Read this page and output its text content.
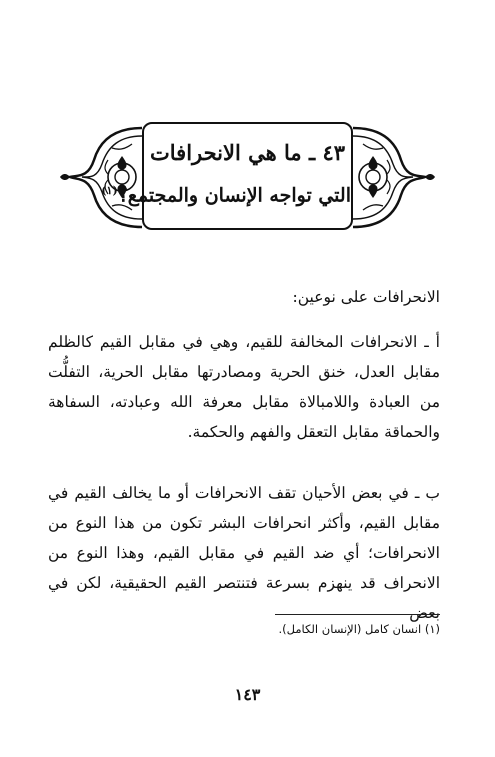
٤٣ ـ ما هي الانحرافات
التي تواجه الإنسان والمجتمع؟$^{(١)}$
الانحرافات على نوعين:
أ ـ الانحرافات المخالفة للقيم، وهي في مقابل القيم كالظلم مقابل العدل، خنق الحرية ومصادرتها مقابل الحرية، التفلُّت من العبادة واللامبالاة مقابل معرفة الله وعبادته، السفاهة والحماقة مقابل التعقل والفهم والحكمة.
ب ـ في بعض الأحيان تقف الانحرافات أو ما يخالف القيم في مقابل القيم، وأكثر انحرافات البشر تكون من هذا النوع من الانحرافات؛ أي ضد القيم في مقابل القيم، وهذا النوع من الانحراف قد ينهزم بسرعة فتنتصر القيم الحقيقية، لكن في بعض
(١) انسان كامل (الإنسان الكامل).
١٤٣
